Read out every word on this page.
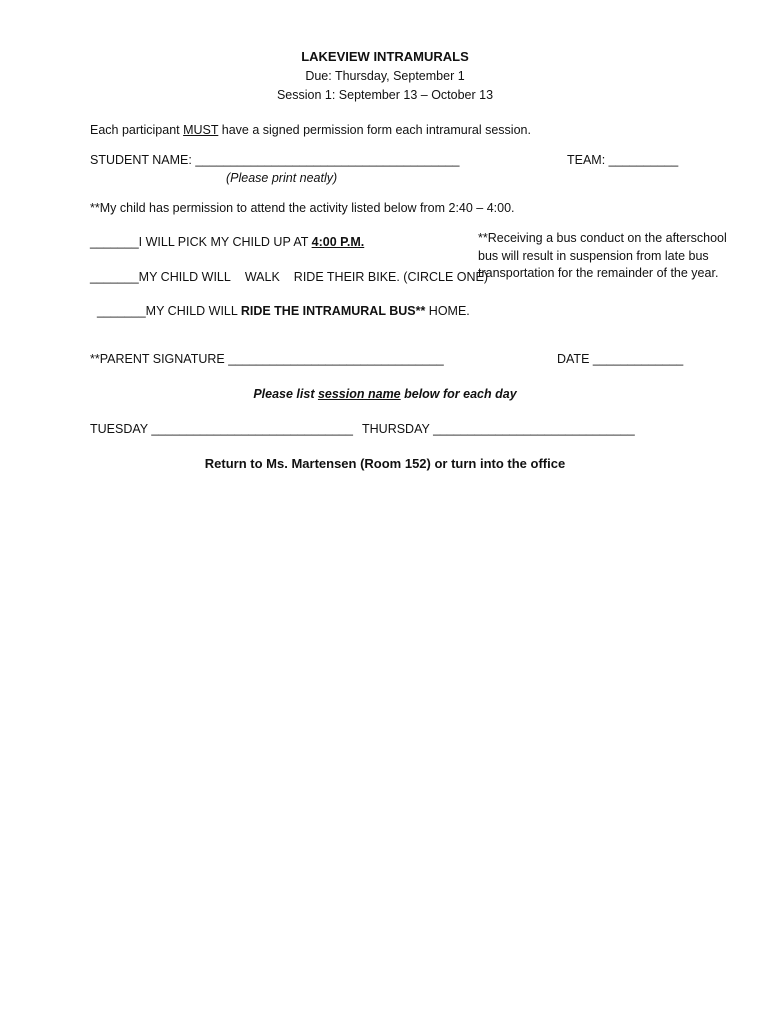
LAKEVIEW INTRAMURALS
Due: Thursday, September 1
Session 1: September 13 – October 13
Each participant MUST have a signed permission form each intramural session.
STUDENT NAME: ______________________________________	TEAM: __________
(Please print neatly)
**My child has permission to attend the activity listed below from 2:40 – 4:00.
_______I WILL PICK MY CHILD UP AT 4:00 P.M.
_______MY CHILD WILL WALK RIDE THEIR BIKE. (CIRCLE ONE)
**Receiving a bus conduct on the afterschool bus will result in suspension from late bus transportation for the remainder of the year.
_______MY CHILD WILL RIDE THE INTRAMURAL BUS** HOME.
**PARENT SIGNATURE _______________________________	DATE _____________
Please list session name below for each day
TUESDAY _____________________________ THURSDAY _____________________________
Return to Ms. Martensen (Room 152) or turn into the office
